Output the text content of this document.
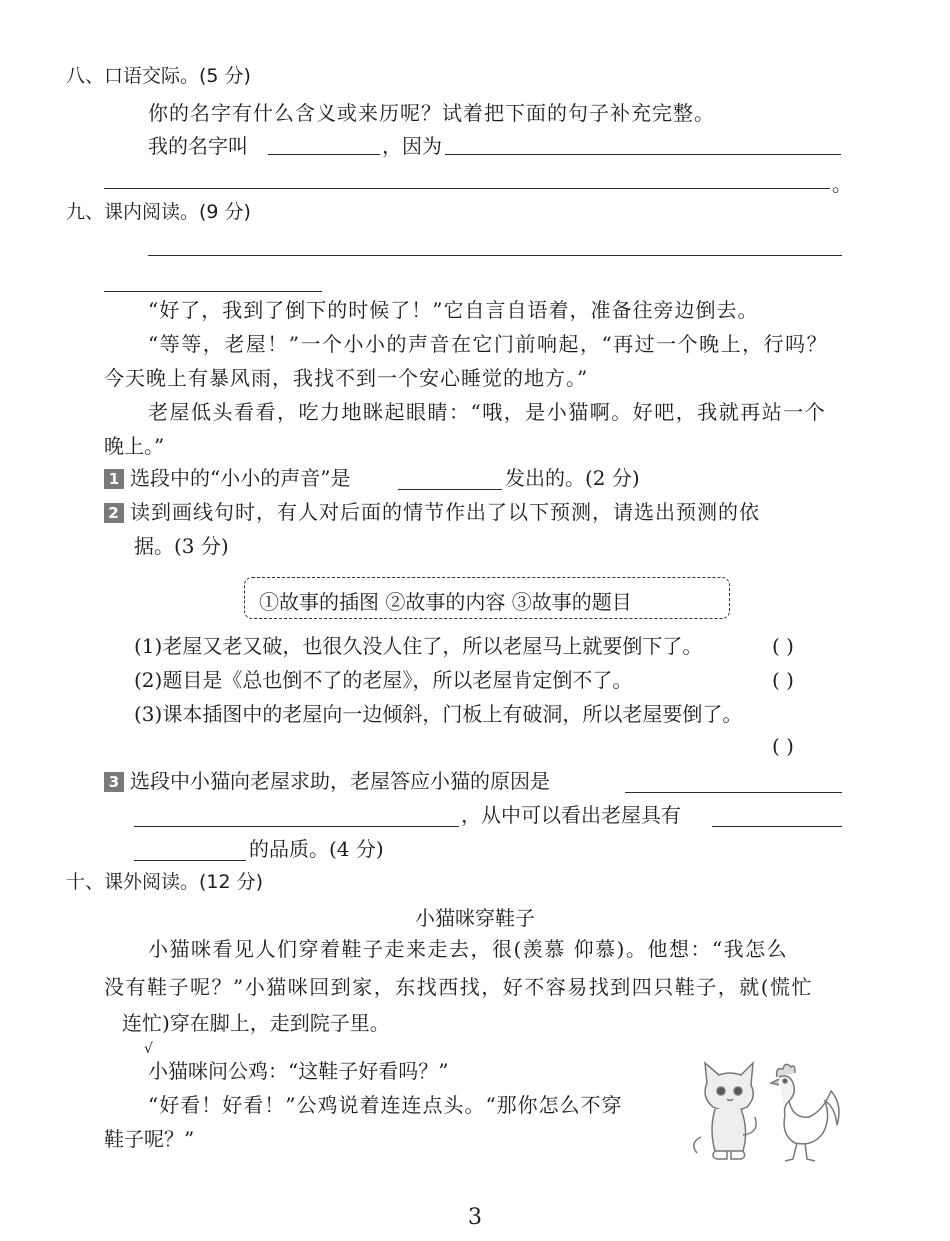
八、口语交际。(5 分)
你的名字有什么含义或来历呢？试着把下面的句子补充完整。
我的名字叫	，因为
。
九、课内阅读。(9 分)
“好了，我到了倒下的时候了！”它自言自语着，准备往旁边倒去。
“等等，老屋！”一个小小的声音在它门前响起，“再过一个晚上，行吗？
今天晚上有暴风雨，我找不到一个安心睡觉的地方。”
老屋低头看看，吃力地眯起眼睛：“哦，是小猫啊。好吧，我就再站一个
晚上。”
1 选段中的“小小的声音”是	发出的。(2 分)
2 读到画线句时，有人对后面的情节作出了以下预测，请选出预测的依
据。(3 分)
①故事的插图 ②故事的内容 ③故事的题目
(1)老屋又老又破，也很久没人住了，所以老屋马上就要倒下了。	( )
(2)题目是《总也倒不了的老屋》，所以老屋肯定倒不了。	( )
(3)课本插图中的老屋向一边倾斜，门板上有破洞，所以老屋要倒了。
( )
3 选段中小猫向老屋求助，老屋答应小猫的原因是
，从中可以看出老屋具有
的品质。(4 分)
十、课外阅读。(12 分)
小猫咪穿鞋子
小猫咪看见人们穿着鞋子走来走去，很(羡慕 仰慕)。他想：“我怎么
没有鞋子呢？”小猫咪回到家，东找西找，好不容易找到四只鞋子，就(慌忙
连忙)穿在脚上，走到院子里。
√
小猫咪问公鸡：“这鞋子好看吗？”
“好看！好看！”公鸡说着连连点头。“那你怎么不穿
鞋子呢？”
3
